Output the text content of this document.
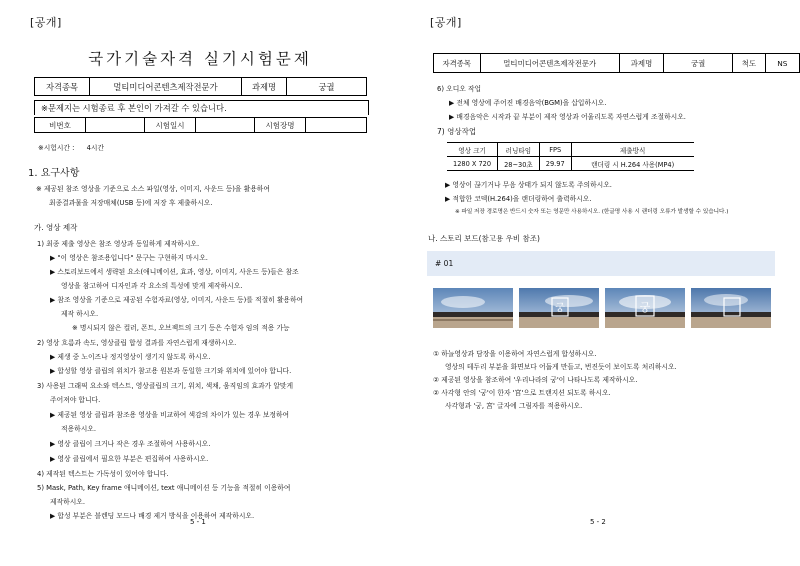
[공개]
국가기술자격 실기시험문제
자격종목	멀티미디어콘텐츠제작전문가	과제명	궁궐
※문제지는 시험종료 후 본인이 가져갈 수 있습니다.
비번호		시험일시		시험장명	
※시험시간 : 4시간
1. 요구사항
※ 제공된 참조 영상을 기준으로 소스 파일(영상, 이미지, 사운드 등)을 활용하여
최종결과물을 저장매체(USB 등)에 저장 후 제출하시오.
가. 영상 제작
1) 최종 제출 영상은 참조 영상과 동일하게 제작하시오.
▶ "이 영상은 참조용입니다" 문구는 구현하지 마시오.
▶ 스토리보드에서 생략된 요소(애니메이션, 효과, 영상, 이미지, 사운드 등)들은 참조
영상을 참고하여 디자인과 각 요소의 특성에 맞게 제작하시오.
▶ 참조 영상을 기준으로 제공된 수험자료(영상, 이미지, 사운드 등)를 적절히 활용하여
제작 하시오.
※ 명시되지 않은 컬러, 폰트, 오브젝트의 크기 등은 수험자 임의 적용 가능
2) 영상 흐름과 속도, 영상클립 합성 결과를 자연스럽게 재생하시오.
▶ 제생 중 노이즈나 정지영상이 생기지 않도록 하시오.
▶ 합성할 영상 클립의 위치가 참고용 원본과 동일한 크기와 위치에 있어야 합니다.
3) 사용된 그래픽 요소와 텍스트, 영상클립의 크기, 위치, 색채, 움직임의 효과가 알맞게
주어져야 합니다.
▶ 제공된 영상 클립과 참조용 영상을 비교하여 색감의 차이가 있는 경우 보정하여
적용하시오.
▶ 영상 클립이 크거나 작은 경우 조절하여 사용하시오.
▶ 영상 클립에서 필요한 부분은 편집하여 사용하시오.
4) 제작된 텍스트는 가독성이 있어야 합니다.
5) Mask, Path, Key frame 애니메이션, text 애니메이션 등 기능을 적절히 이용하여
제작하시오.
▶ 합성 부분은 블렌딩 모드나 배경 제거 방식을 이용하여 제작하시오.
5 - 1
[공개]
자격종목	멀티미디어콘텐츠제작전문가	과제명	궁궐	척도	NS
6) 오디오 작업
▶ 전체 영상에 주어진 배경음악(BGM)을 삽입하시오.
▶ 배경음악은 시작과 끝 부분이 제작 영상과 어울리도록 자연스럽게 조절하시오.
7) 영상작업
영상 크기	러닝타임	FPS	제출방식
1280 X 720	28~30초	29.97	랜더링 시 H.264 사용(MP4)
▶ 영상이 끊기거나 무음 상태가 되지 않도록 주의하시오.
▶ 적합한 코덱(H.264)을 랜더링하여 출력하시오.
※ 파일 저장 경로명은 반드시 숫자 또는 영문만 사용하시오. (한글명 사용 시 랜더링 오류가 발생할 수 있습니다.)
나. 스토리 보드(참고용 우비 참조)
# 01
궁	궁
① 하늘영상과 담장을 이용하여 자연스럽게 합성하시오.
영상의 테두리 부분을 화면보다 어둡게 만들고, 번진듯이 보이도록 처리하시오.
② 제공된 영상을 참조하여 '우리나라의 궁'이 나타나도록 제작하시오.
② 사각형 안의 '궁'이 한자 '宮'으로 트랜지션 되도록 하시오.
사각형과 '궁, 宮' 글자에 그림자를 적용하시오.
5 - 2
